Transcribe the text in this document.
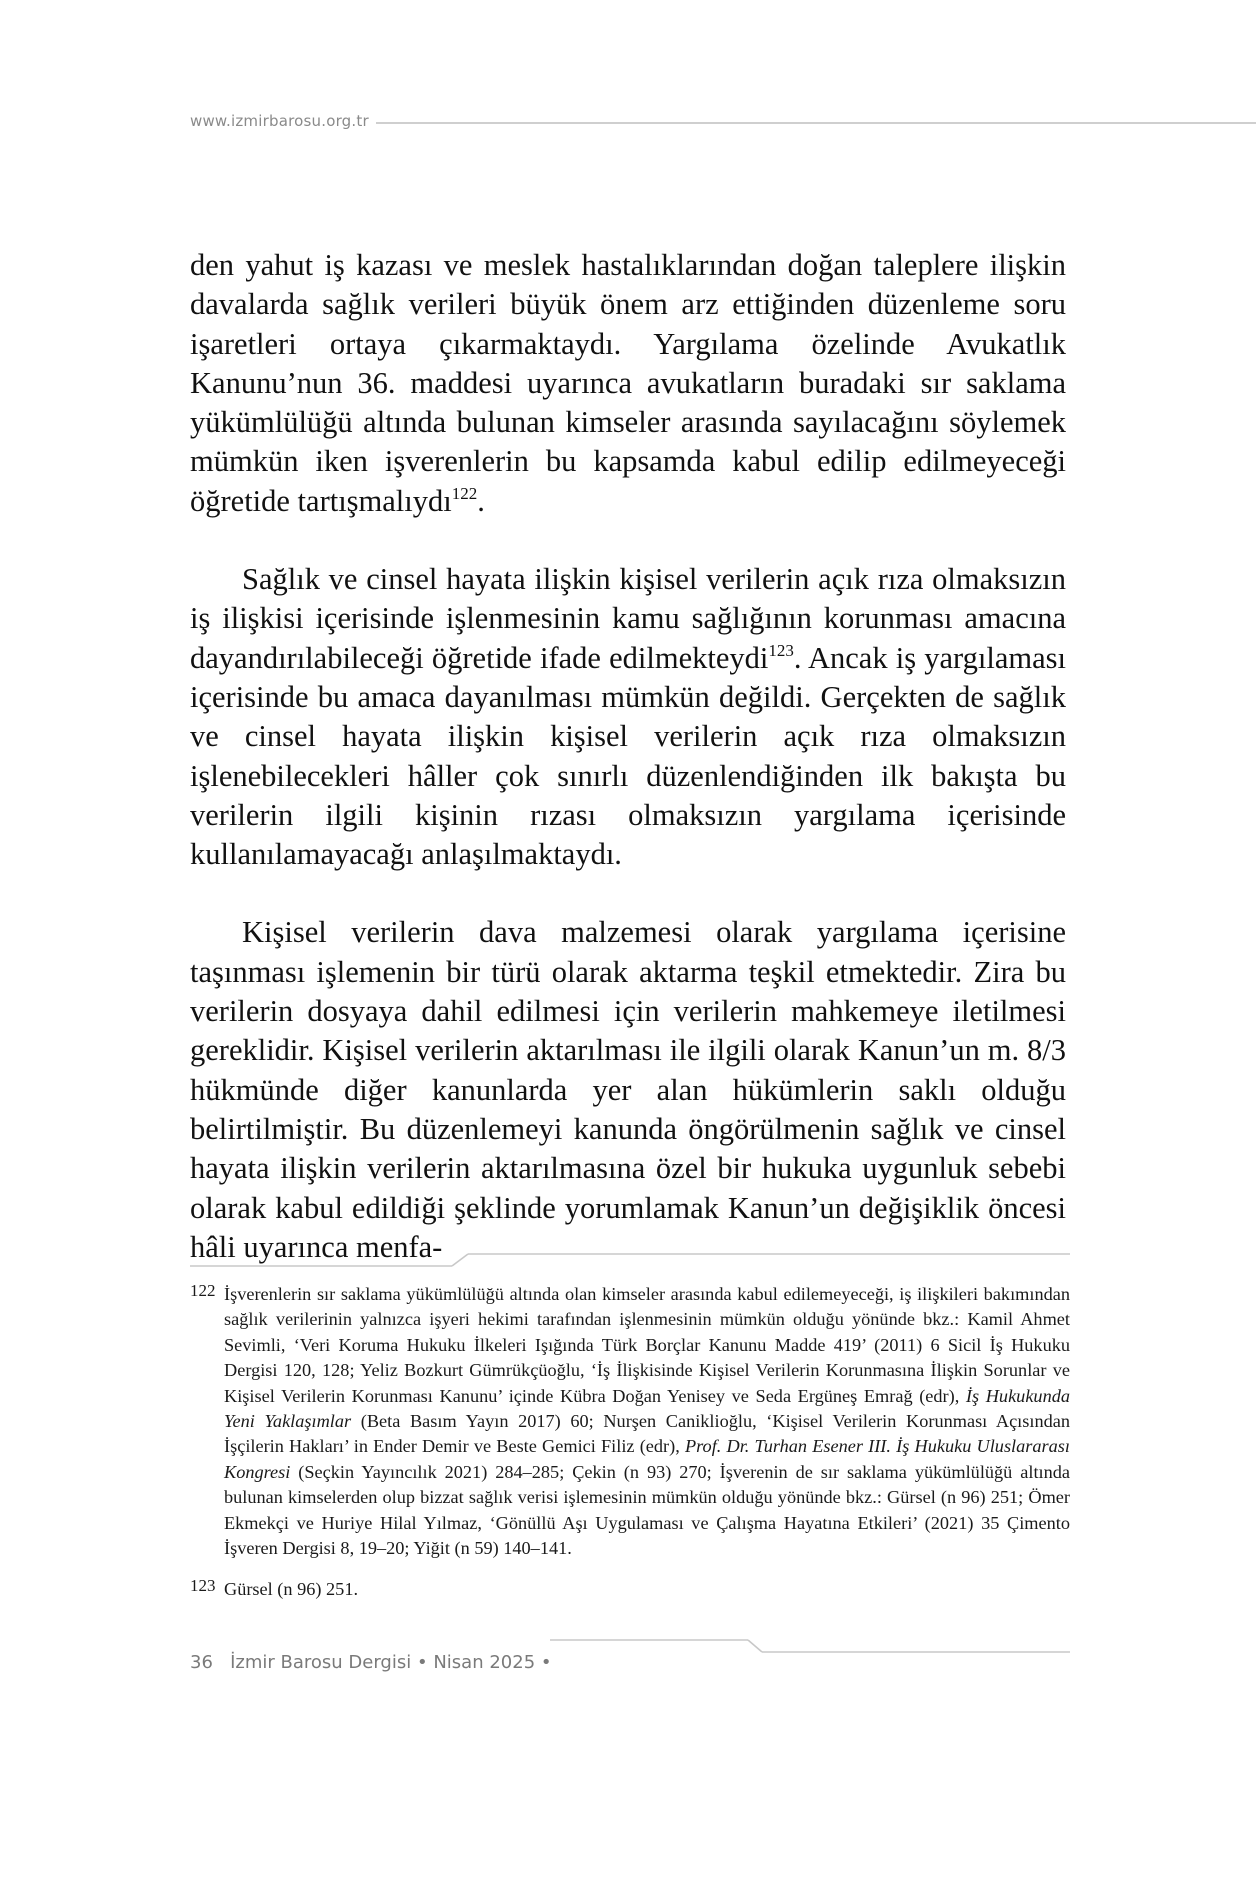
www.izmirbarosu.org.tr

den yahut iş kazası ve meslek hastalıklarından doğan taleplere ilişkin davalarda sağlık verileri büyük önem arz ettiğinden düzenleme soru işaretleri ortaya çıkarmaktaydı. Yargılama özelinde Avukatlık Kanunu’nun 36. maddesi uyarınca avukatların buradaki sır saklama yükümlülüğü altında bulunan kimseler arasında sayılacağını söylemek mümkün iken işverenlerin bu kapsamda kabul edilip edilmeyeceği öğretide tartışmalıydı$^{122}$.

Sağlık ve cinsel hayata ilişkin kişisel verilerin açık rıza olmaksızın iş ilişkisi içerisinde işlenmesinin kamu sağlığının korunması amacına dayandırılabileceği öğretide ifade edilmekteydi$^{123}$. Ancak iş yargılaması içerisinde bu amaca dayanılması mümkün değildi. Gerçekten de sağlık ve cinsel hayata ilişkin kişisel verilerin açık rıza olmaksızın işlenebilecekleri hâller çok sınırlı düzenlendiğinden ilk bakışta bu verilerin ilgili kişinin rızası olmaksızın yargılama içerisinde kullanılamayacağı anlaşılmaktaydı.

Kişisel verilerin dava malzemesi olarak yargılama içerisine taşınması işlemenin bir türü olarak aktarma teşkil etmektedir. Zira bu verilerin dosyaya dahil edilmesi için verilerin mahkemeye iletilmesi gereklidir. Kişisel verilerin aktarılması ile ilgili olarak Kanun’un m. 8/3 hükmünde diğer kanunlarda yer alan hükümlerin saklı olduğu belirtilmiştir. Bu düzenlemeyi kanunda öngörülmenin sağlık ve cinsel hayata ilişkin verilerin aktarılmasına özel bir hukuka uygunluk sebebi olarak kabul edildiği şeklinde yorumlamak Kanun’un değişiklik öncesi hâli uyarınca menfa-

122 İşverenlerin sır saklama yükümlülüğü altında olan kimseler arasında kabul edilemeyeceği, iş ilişkileri bakımından sağlık verilerinin yalnızca işyeri hekimi tarafından işlenmesinin mümkün olduğu yönünde bkz.: Kamil Ahmet Sevimli, ‘Veri Koruma Hukuku İlkeleri Işığında Türk Borçlar Kanunu Madde 419’ (2011) 6 Sicil İş Hukuku Dergisi 120, 128; Yeliz Bozkurt Gümrükçüoğlu, ‘İş İlişkisinde Kişisel Verilerin Korunmasına İlişkin Sorunlar ve Kişisel Verilerin Korunması Kanunu’ içinde Kübra Doğan Yenisey ve Seda Ergüneş Emrağ (edr), İş Hukukunda Yeni Yaklaşımlar (Beta Basım Yayın 2017) 60; Nurşen Caniklioğlu, ‘Kişisel Verilerin Korunması Açısından İşçilerin Hakları’ in Ender Demir ve Beste Gemici Filiz (edr), Prof. Dr. Turhan Esener III. İş Hukuku Uluslararası Kongresi (Seçkin Yayıncılık 2021) 284–285; Çekin (n 93) 270; İşverenin de sır saklama yükümlülüğü altında bulunan kimselerden olup bizzat sağlık verisi işlemesinin mümkün olduğu yönünde bkz.: Gürsel (n 96) 251; Ömer Ekmekçi ve Huriye Hilal Yılmaz, ‘Gönüllü Aşı Uygulaması ve Çalışma Hayatına Etkileri’ (2021) 35 Çimento İşveren Dergisi 8, 19–20; Yiğit (n 59) 140–141.
123 Gürsel (n 96) 251.
36 İzmir Barosu Dergisi • Nisan 2025 •
